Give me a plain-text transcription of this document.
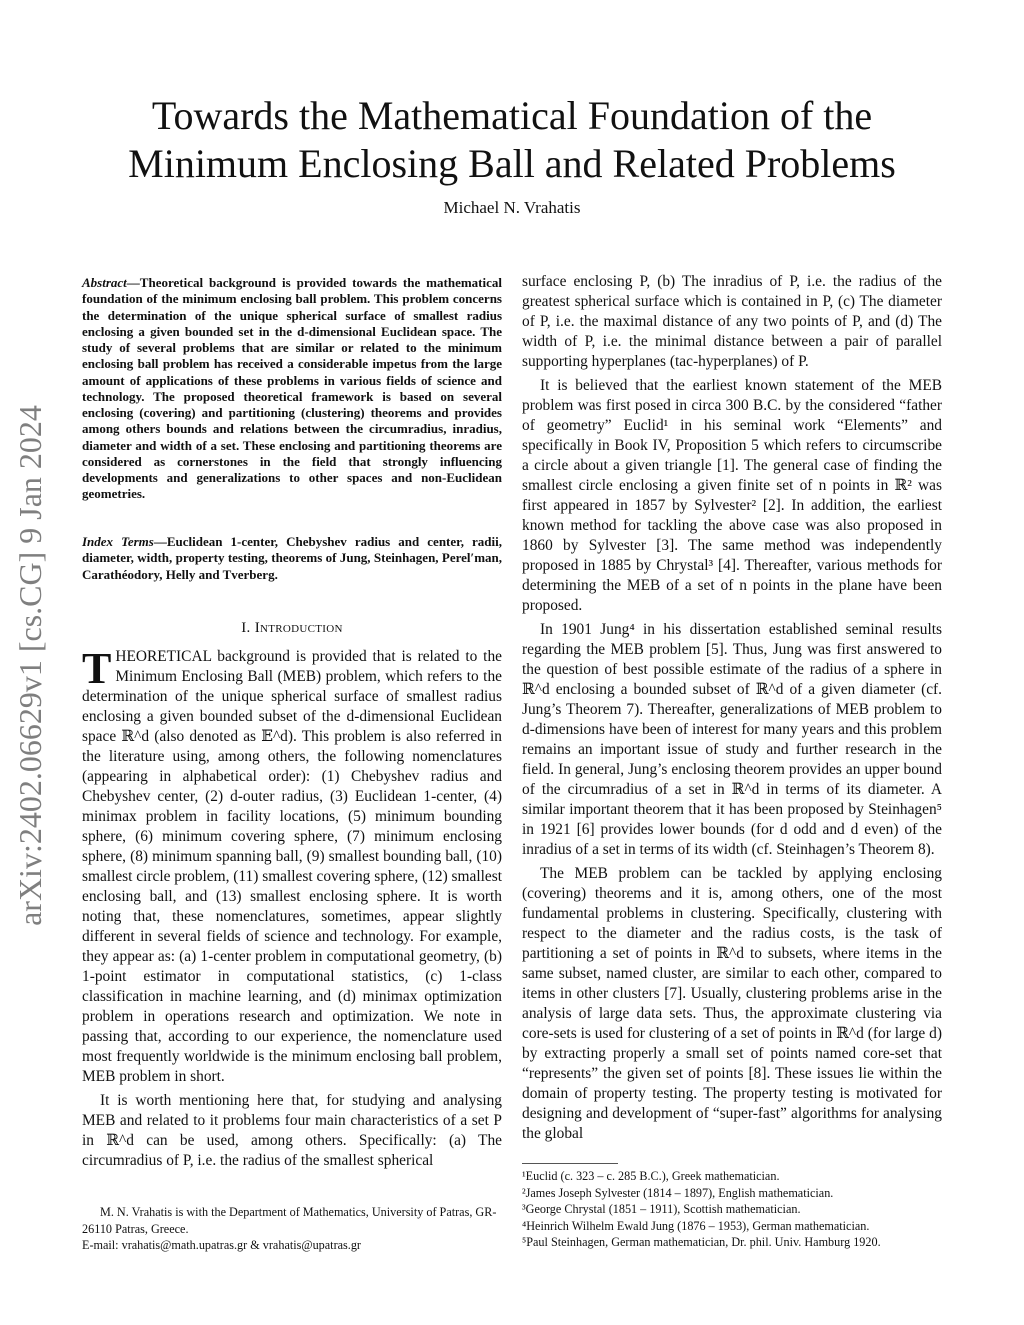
arXiv:2402.06629v1 [cs.CG] 9 Jan 2024
Towards the Mathematical Foundation of the
Minimum Enclosing Ball and Related Problems
Michael N. Vrahatis

Abstract—Theoretical background is provided towards the mathematical foundation of the minimum enclosing ball problem. This problem concerns the determination of the unique spherical surface of smallest radius enclosing a given bounded set in the d-dimensional Euclidean space. The study of several problems that are similar or related to the minimum enclosing ball problem has received a considerable impetus from the large amount of applications of these problems in various fields of science and technology. The proposed theoretical framework is based on several enclosing (covering) and partitioning (clustering) theorems and provides among others bounds and relations between the circumradius, inradius, diameter and width of a set. These enclosing and partitioning theorems are considered as cornerstones in the field that strongly influencing developments and generalizations to other spaces and non-Euclidean geometries.

Index Terms—Euclidean 1-center, Chebyshev radius and center, radii, diameter, width, property testing, theorems of Jung, Steinhagen, Perel′man, Carathéodory, Helly and Tverberg.

I. Introduction

THEORETICAL background is provided that is related to the Minimum Enclosing Ball (MEB) problem, which refers to the determination of the unique spherical surface of smallest radius enclosing a given bounded subset of the d-dimensional Euclidean space ℝ^d (also denoted as 𝔼^d). This problem is also referred in the literature using, among others, the following nomenclatures (appearing in alphabetical order): (1) Chebyshev radius and Chebyshev center, (2) d-outer radius, (3) Euclidean 1-center, (4) minimax problem in facility locations, (5) minimum bounding sphere, (6) minimum covering sphere, (7) minimum enclosing sphere, (8) minimum spanning ball, (9) smallest bounding ball, (10) smallest circle problem, (11) smallest covering sphere, (12) smallest enclosing ball, and (13) smallest enclosing sphere. It is worth noting that, these nomenclatures, sometimes, appear slightly different in several fields of science and technology. For example, they appear as: (a) 1-center problem in computational geometry, (b) 1-point estimator in computational statistics, (c) 1-class classification in machine learning, and (d) minimax optimization problem in operations research and optimization. We note in passing that, according to our experience, the nomenclature used most frequently worldwide is the minimum enclosing ball problem, MEB problem in short.

It is worth mentioning here that, for studying and analysing MEB and related to it problems four main characteristics of a set P in ℝ^d can be used, among others. Specifically: (a) The circumradius of P, i.e. the radius of the smallest spherical

M. N. Vrahatis is with the Department of Mathematics, University of Patras, GR-26110 Patras, Greece.
E-mail: vrahatis@math.upatras.gr & vrahatis@upatras.gr

surface enclosing P, (b) The inradius of P, i.e. the radius of the greatest spherical surface which is contained in P, (c) The diameter of P, i.e. the maximal distance of any two points of P, and (d) The width of P, i.e. the minimal distance between a pair of parallel supporting hyperplanes (tac-hyperplanes) of P.

It is believed that the earliest known statement of the MEB problem was first posed in circa 300 B.C. by the considered “father of geometry” Euclid¹ in his seminal work “Elements” and specifically in Book IV, Proposition 5 which refers to circumscribe a circle about a given triangle [1]. The general case of finding the smallest circle enclosing a given finite set of n points in ℝ² was first appeared in 1857 by Sylvester² [2]. In addition, the earliest known method for tackling the above case was also proposed in 1860 by Sylvester [3]. The same method was independently proposed in 1885 by Chrystal³ [4]. Thereafter, various methods for determining the MEB of a set of n points in the plane have been proposed.

In 1901 Jung⁴ in his dissertation established seminal results regarding the MEB problem [5]. Thus, Jung was first answered to the question of best possible estimate of the radius of a sphere in ℝ^d enclosing a bounded subset of ℝ^d of a given diameter (cf. Jung’s Theorem 7). Thereafter, generalizations of MEB problem to d-dimensions have been of interest for many years and this problem remains an important issue of study and further research in the field. In general, Jung’s enclosing theorem provides an upper bound of the circumradius of a set in ℝ^d in terms of its diameter. A similar important theorem that it has been proposed by Steinhagen⁵ in 1921 [6] provides lower bounds (for d odd and d even) of the inradius of a set in terms of its width (cf. Steinhagen’s Theorem 8).

The MEB problem can be tackled by applying enclosing (covering) theorems and it is, among others, one of the most fundamental problems in clustering. Specifically, clustering with respect to the diameter and the radius costs, is the task of partitioning a set of points in ℝ^d to subsets, where items in the same subset, named cluster, are similar to each other, compared to items in other clusters [7]. Usually, clustering problems arise in the analysis of large data sets. Thus, the approximate clustering via core-sets is used for clustering of a set of points in ℝ^d (for large d) by extracting properly a small set of points named core-set that “represents” the given set of points [8]. These issues lie within the domain of property testing. The property testing is motivated for designing and development of “super-fast” algorithms for analysing the global

¹Euclid (c. 323 – c. 285 B.C.), Greek mathematician.
²James Joseph Sylvester (1814 – 1897), English mathematician.
³George Chrystal (1851 – 1911), Scottish mathematician.
⁴Heinrich Wilhelm Ewald Jung (1876 – 1953), German mathematician.
⁵Paul Steinhagen, German mathematician, Dr. phil. Univ. Hamburg 1920.
